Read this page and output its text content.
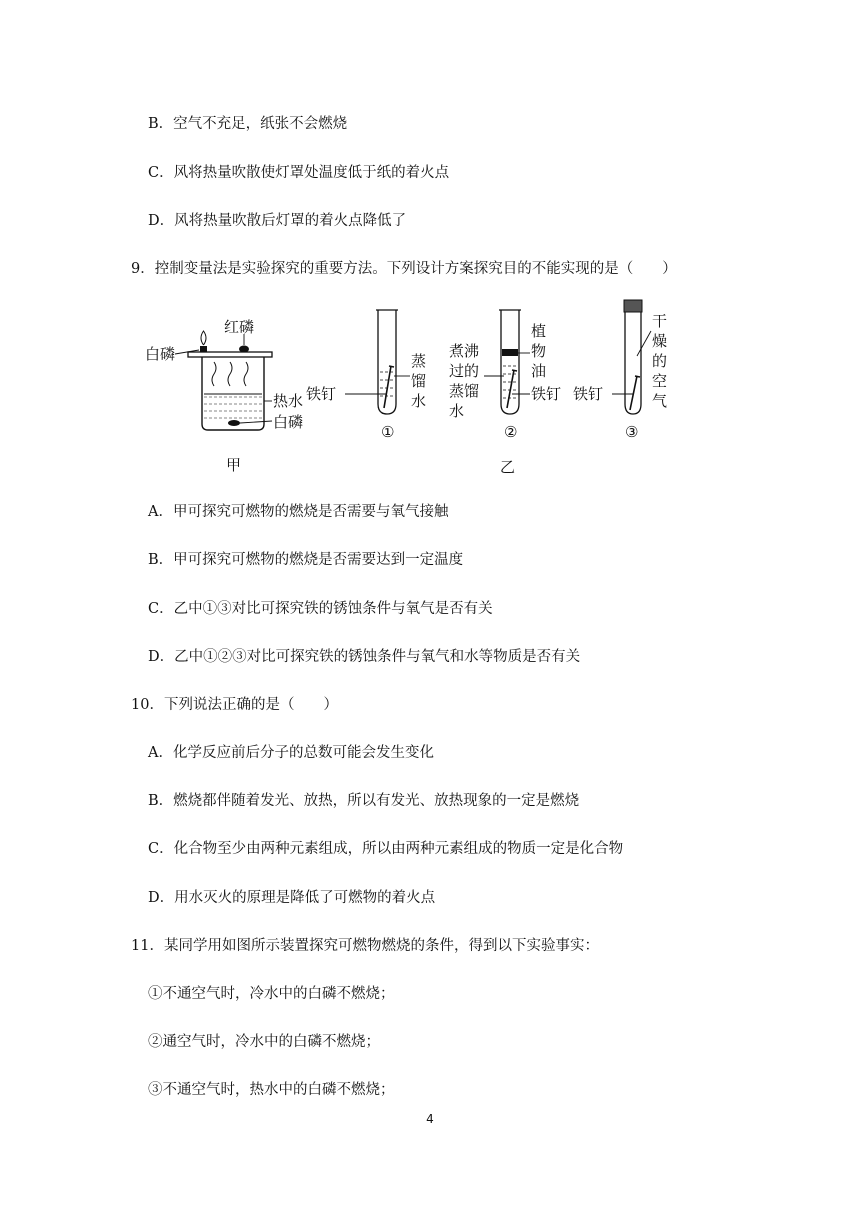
B．空气不充足，纸张不会燃烧
C．风将热量吹散使灯罩处温度低于纸的着火点
D．风将热量吹散后灯罩的着火点降低了
9．控制变量法是实验探究的重要方法。下列设计方案探究目的不能实现的是（　　）
红磷
白磷
热水
白磷
甲
铁钉
蒸
馏
水
①
煮沸
过的
蒸馏
水
植
物
油
铁钉
②
乙
铁钉
干
燥
的
空
气
③
A．甲可探究可燃物的燃烧是否需要与氧气接触
B．甲可探究可燃物的燃烧是否需要达到一定温度
C．乙中①③对比可探究铁的锈蚀条件与氧气是否有关
D．乙中①②③对比可探究铁的锈蚀条件与氧气和水等物质是否有关
10．下列说法正确的是（　　）
A．化学反应前后分子的总数可能会发生变化
B．燃烧都伴随着发光、放热，所以有发光、放热现象的一定是燃烧
C．化合物至少由两种元素组成，所以由两种元素组成的物质一定是化合物
D．用水灭火的原理是降低了可燃物的着火点
11．某同学用如图所示装置探究可燃物燃烧的条件，得到以下实验事实：
①不通空气时，冷水中的白磷不燃烧；
②通空气时，冷水中的白磷不燃烧；
③不通空气时，热水中的白磷不燃烧；
4
